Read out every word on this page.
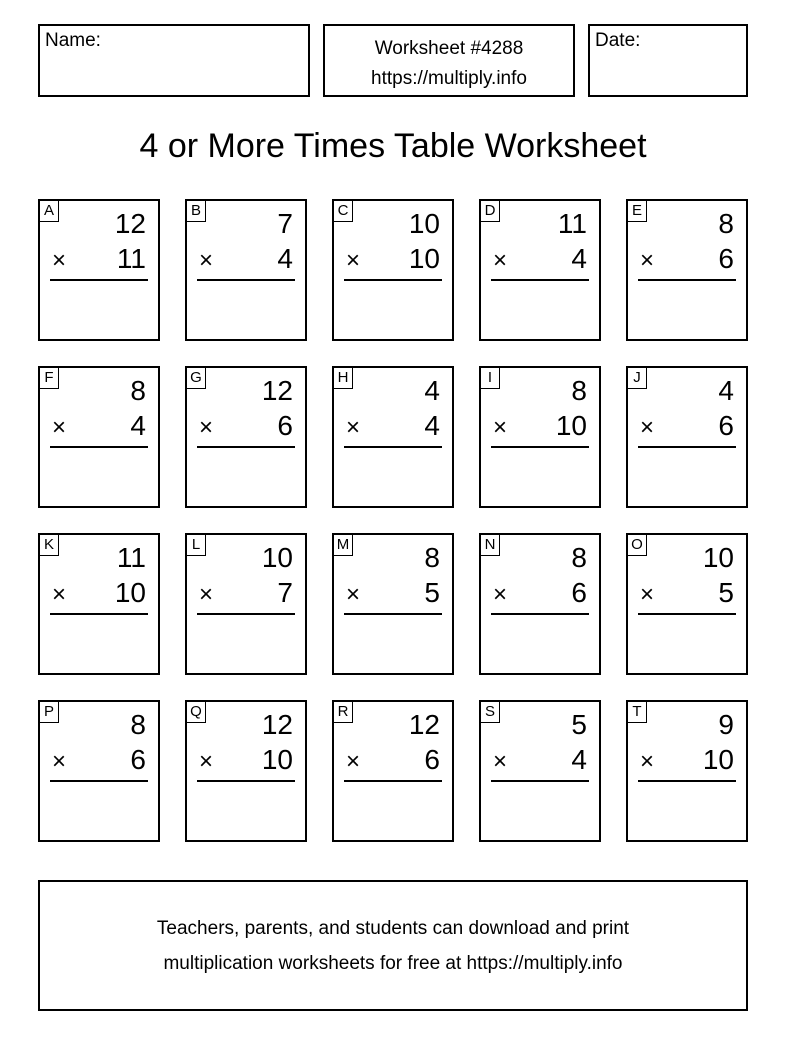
Name:	Worksheet #4288
https://multiply.info
Date:
4 or More Times Table Worksheet
A 12
× 11
B	7
× 4
C 10
× 10
D 11
× 4
E	8
× 6
F	8
× 4
G 12
× 6
H	4
× 4
I	8
× 10
J	4
× 6
K 11
× 10
L 10
× 7
M	8
× 5
N	8
× 6
O 10
× 5
P	8
× 6
Q 12
× 10
R 12
× 6
S	5
× 4
T	9
× 10
Teachers, parents, and students can download and print
multiplication worksheets for free at https://multiply.info
